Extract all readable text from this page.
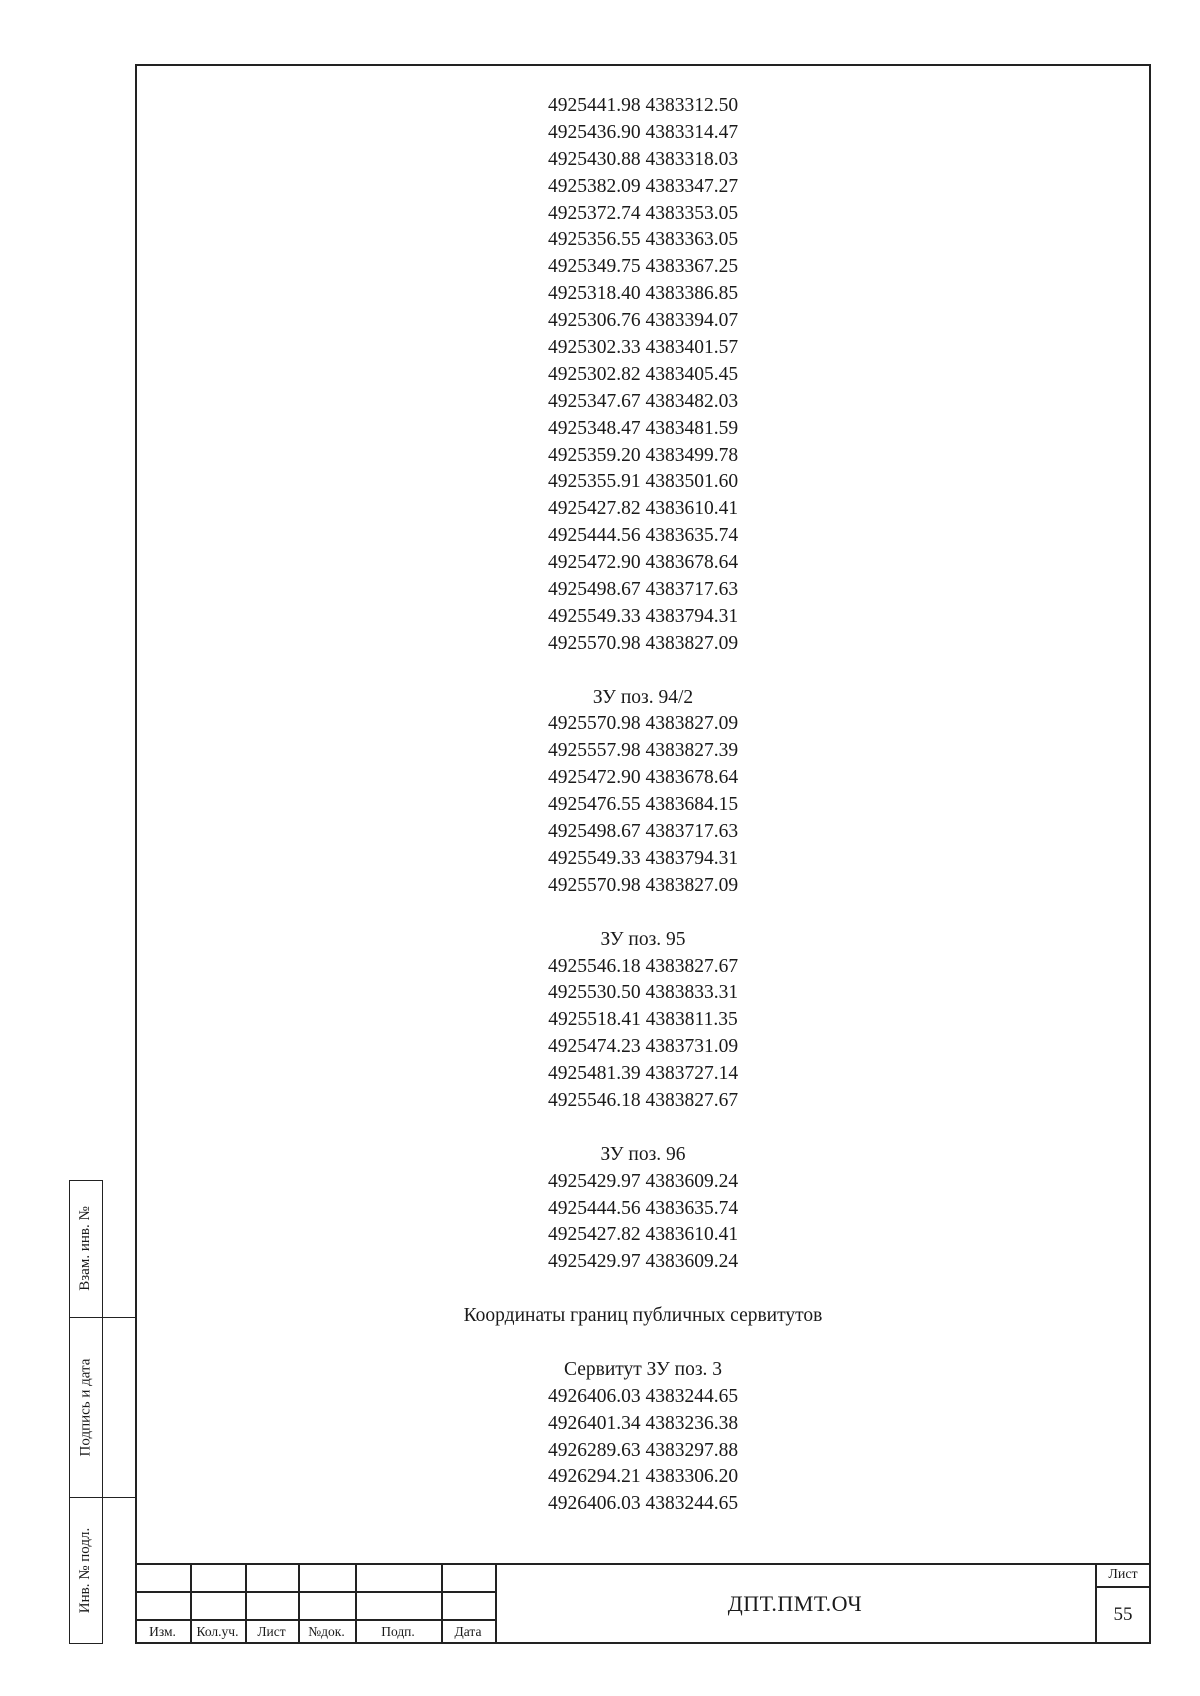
Взам. инв. №
Подпись и дата
Инв. № подл.
4925441.98 4383312.50
4925436.90 4383314.47
4925430.88 4383318.03
4925382.09 4383347.27
4925372.74 4383353.05
4925356.55 4383363.05
4925349.75 4383367.25
4925318.40 4383386.85
4925306.76 4383394.07
4925302.33 4383401.57
4925302.82 4383405.45
4925347.67 4383482.03
4925348.47 4383481.59
4925359.20 4383499.78
4925355.91 4383501.60
4925427.82 4383610.41
4925444.56 4383635.74
4925472.90 4383678.64
4925498.67 4383717.63
4925549.33 4383794.31
4925570.98 4383827.09
ЗУ поз. 94/2
4925570.98 4383827.09
4925557.98 4383827.39
4925472.90 4383678.64
4925476.55 4383684.15
4925498.67 4383717.63
4925549.33 4383794.31
4925570.98 4383827.09
ЗУ поз. 95
4925546.18 4383827.67
4925530.50 4383833.31
4925518.41 4383811.35
4925474.23 4383731.09
4925481.39 4383727.14
4925546.18 4383827.67
ЗУ поз. 96
4925429.97 4383609.24
4925444.56 4383635.74
4925427.82 4383610.41
4925429.97 4383609.24
Координаты границ публичных сервитутов
Сервитут ЗУ поз. 3
4926406.03 4383244.65
4926401.34 4383236.38
4926289.63 4383297.88
4926294.21 4383306.20
4926406.03 4383244.65
Изм.	Кол.уч.	Лист	№док.	Подп.	Дата
ДПТ.ПМТ.ОЧ
Лист
55
